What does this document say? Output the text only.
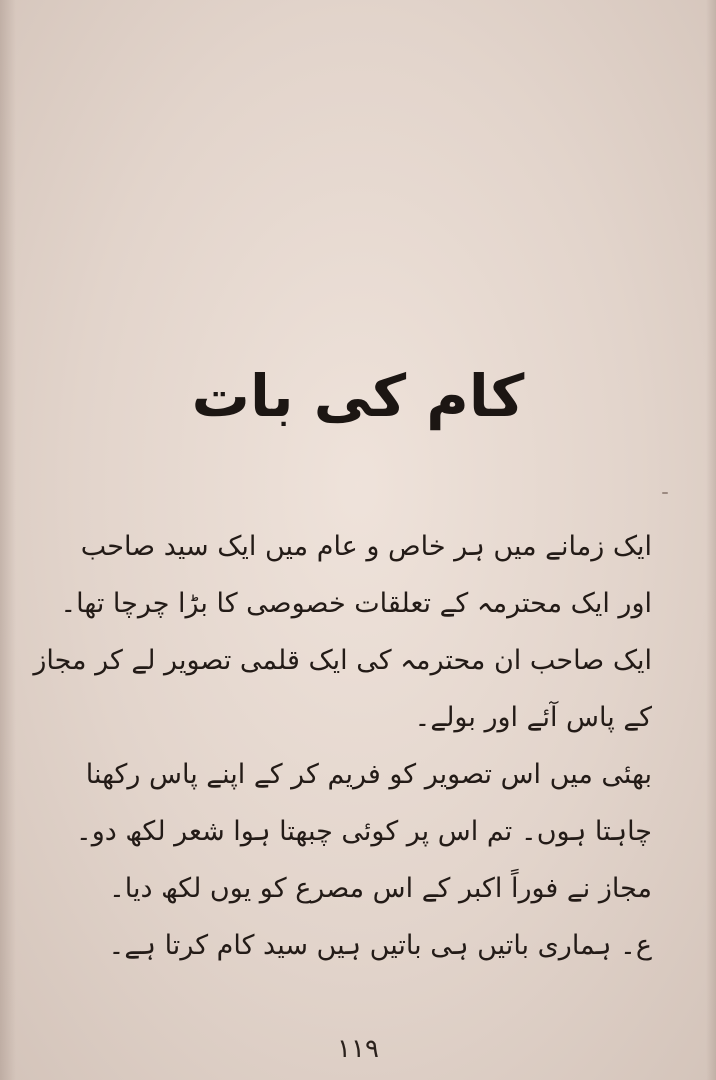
کام کی بات
ایک زمانے میں ہر خاص و عام میں ایک سید صاحب
اور ایک محترمہ کے تعلقات خصوصی کا بڑا چرچا تھا۔
ایک صاحب ان محترمہ کی ایک قلمی تصویر لے کر مجاز
کے پاس آئے اور بولے۔
بھئی میں اس تصویر کو فریم کر کے اپنے پاس رکھنا
چاہتا ہوں۔ تم اس پر کوئی چبھتا ہوا شعر لکھ دو۔
مجاز نے فوراً اکبر کے اس مصرع کو یوں لکھ دیا۔
ع۔ ہماری باتیں ہی باتیں ہیں سید کام کرتا ہے۔
۱۱۹
